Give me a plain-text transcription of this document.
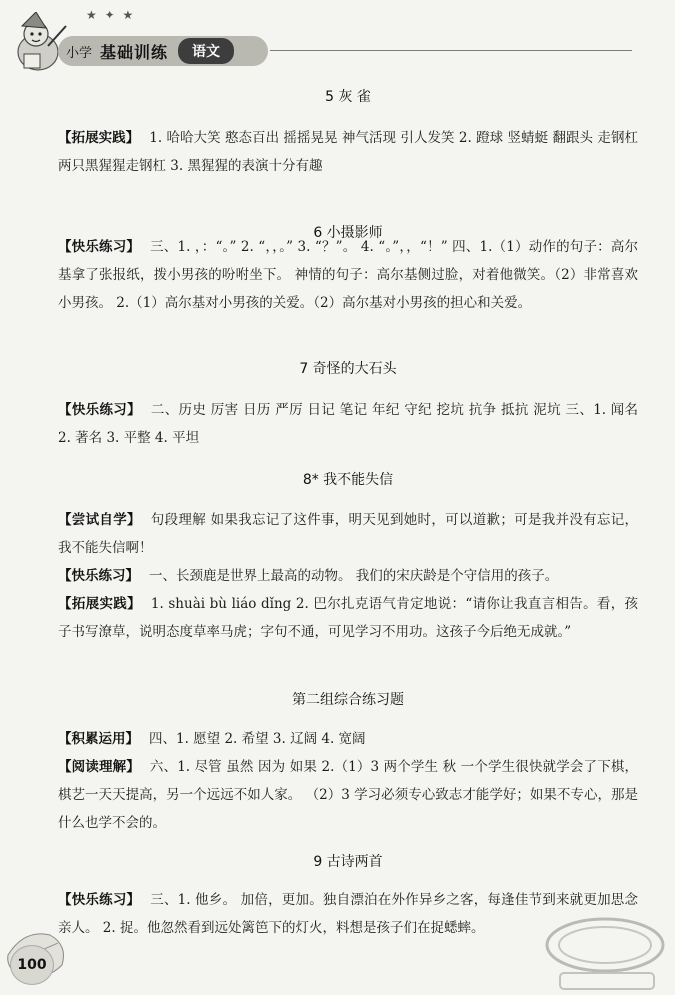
★ ✦ ★
小学 基础训练	语文
5 灰 雀
【拓展实践】 1. 哈哈大笑 憨态百出 摇摇晃晃 神气活现 引人发笑 2. 蹬球 竖蜻蜓 翻跟头 走钢杠 两只黑猩猩走钢杠 3. 黑猩猩的表演十分有趣
6 小摄影师
【快乐练习】 三、1. ，：“。” 2. “，，。” 3. “？”。 4. “。”，，“！” 四、1.（1）动作的句子：高尔基拿了张报纸，拨小男孩的吩咐坐下。 神情的句子：高尔基侧过脸，对着他微笑。（2）非常喜欢小男孩。 2.（1）高尔基对小男孩的关爱。（2）高尔基对小男孩的担心和关爱。
7 奇怪的大石头
【快乐练习】 二、历史 厉害 日历 严厉 日记 笔记 年纪 守纪 挖坑 抗争 抵抗 泥坑 三、1. 闻名 2. 著名 3. 平整 4. 平坦
8* 我不能失信
【尝试自学】 句段理解 如果我忘记了这件事，明天见到她时，可以道歉；可是我并没有忘记，我不能失信啊！
【快乐练习】 一、长颈鹿是世界上最高的动物。 我们的宋庆龄是个守信用的孩子。
【拓展实践】 1. shuài bù liáo dǐng 2. 巴尔扎克语气肯定地说：“请你让我直言相告。看，孩子书写潦草，说明态度草率马虎；字句不通，可见学习不用功。这孩子今后绝无成就。”
第二组综合练习题
【积累运用】 四、1. 愿望 2. 希望 3. 辽阔 4. 宽阔
【阅读理解】 六、1. 尽管 虽然 因为 如果 2.（1）3 两个学生 秋 一个学生很快就学会了下棋，棋艺一天天提高，另一个远远不如人家。 （2）3 学习必须专心致志才能学好；如果不专心，那是什么也学不会的。
9 古诗两首
【快乐练习】 三、1. 他乡。 加倍，更加。独自漂泊在外作异乡之客，每逢佳节到来就更加思念亲人。 2. 捉。他忽然看到远处篱笆下的灯火，料想是孩子们在捉蟋蟀。
100
